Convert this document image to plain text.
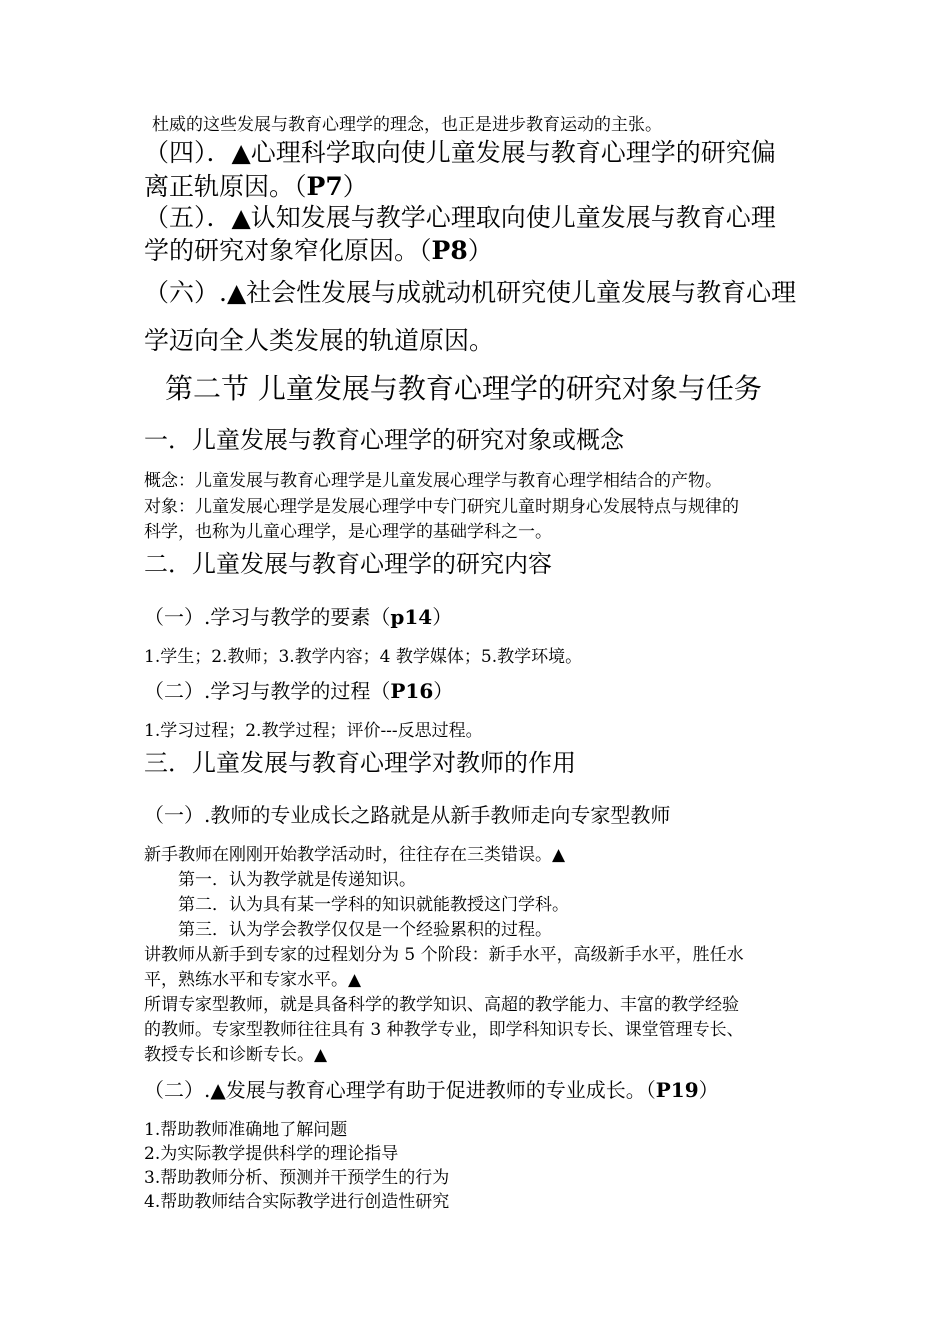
杜威的这些发展与教育心理学的理念，也正是进步教育运动的主张。
（四）．▲心理科学取向使儿童发展与教育心理学的研究偏
离正轨原因。（P7）
（五）．▲认知发展与教学心理取向使儿童发展与教育心理
学的研究对象窄化原因。（P8）
（六）.▲社会性发展与成就动机研究使儿童发展与教育心理
学迈向全人类发展的轨道原因。
第二节 儿童发展与教育心理学的研究对象与任务
一．儿童发展与教育心理学的研究对象或概念
概念：儿童发展与教育心理学是儿童发展心理学与教育心理学相结合的产物。
对象：儿童发展心理学是发展心理学中专门研究儿童时期身心发展特点与规律的
科学，也称为儿童心理学，是心理学的基础学科之一。
二．儿童发展与教育心理学的研究内容
（一）.学习与教学的要素（p14）
1.学生；2.教师；3.教学内容；4 教学媒体；5.教学环境。
（二）.学习与教学的过程（P16）
1.学习过程；2.教学过程；评价---反思过程。
三．儿童发展与教育心理学对教师的作用
（一）.教师的专业成长之路就是从新手教师走向专家型教师
新手教师在刚刚开始教学活动时，往往存在三类错误。▲
第一．认为教学就是传递知识。
第二．认为具有某一学科的知识就能教授这门学科。
第三．认为学会教学仅仅是一个经验累积的过程。
讲教师从新手到专家的过程划分为 5 个阶段：新手水平，高级新手水平，胜任水
平，熟练水平和专家水平。▲
所谓专家型教师，就是具备科学的教学知识、高超的教学能力、丰富的教学经验
的教师。专家型教师往往具有 3 种教学专业，即学科知识专长、课堂管理专长、
教授专长和诊断专长。▲
（二）.▲发展与教育心理学有助于促进教师的专业成长。（P19）
1.帮助教师准确地了解问题
2.为实际教学提供科学的理论指导
3.帮助教师分析、预测并干预学生的行为
4.帮助教师结合实际教学进行创造性研究
